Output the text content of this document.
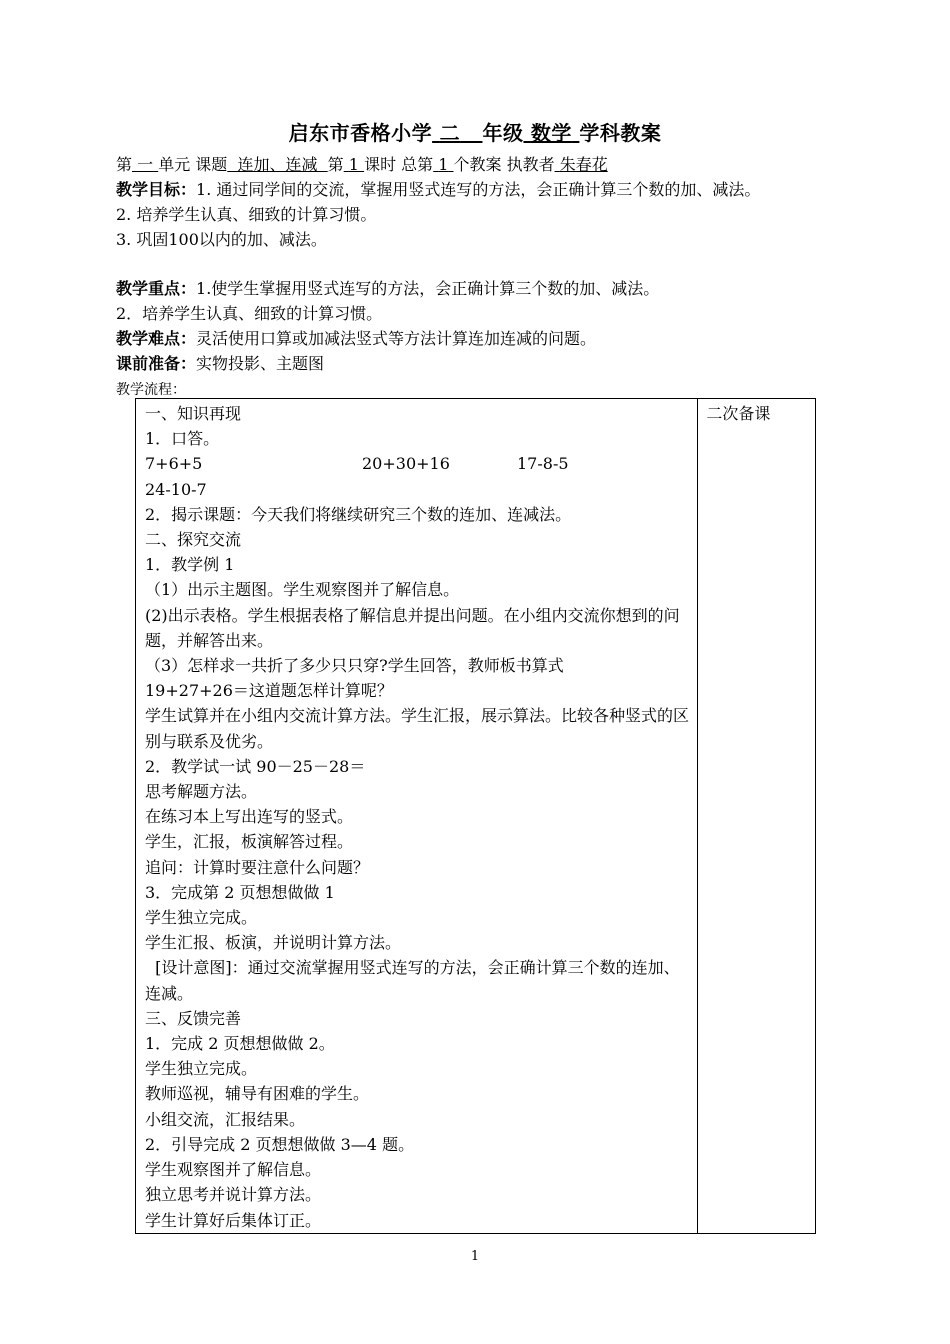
启东市香格小学 二 年级 数学 学科教案
第 一 单元 课题 连加、连减 第 1 课时 总第 1 个教案 执教者 朱春花
教学目标：1. 通过同学间的交流，掌握用竖式连写的方法，会正确计算三个数的加、减法。
2. 培养学生认真、细致的计算习惯。
3. 巩固100以内的加、减法。
教学重点：1.使学生掌握用竖式连写的方法，会正确计算三个数的加、减法。
2．培养学生认真、细致的计算习惯。
教学难点：灵活使用口算或加减法竖式等方法计算连加连减的问题。
课前准备：实物投影、主题图
教学流程：
一、知识再现
1．口答。
7+6+5	20+30+16	17-8-5
24-10-7
2．揭示课题：今天我们将继续研究三个数的连加、连减法。
二、探究交流
1．教学例 1
（1）出示主题图。学生观察图并了解信息。
(2)出示表格。学生根据表格了解信息并提出问题。在小组内交流你想到的问题，并解答出来。
（3）怎样求一共折了多少只只穿?学生回答，教师板书算式
19+27+26＝这道题怎样计算呢？
学生试算并在小组内交流计算方法。学生汇报，展示算法。比较各种竖式的区别与联系及优劣。
2．教学试一试 90－25－28＝
思考解题方法。
在练习本上写出连写的竖式。
学生，汇报，板演解答过程。
追问：计算时要注意什么问题？
3．完成第 2 页想想做做 1
学生独立完成。
学生汇报、板演，并说明计算方法。
[设计意图]：通过交流掌握用竖式连写的方法，会正确计算三个数的连加、连减。
三、反馈完善
1．完成 2 页想想做做 2。
学生独立完成。
教师巡视，辅导有困难的学生。
小组交流，汇报结果。
2．引导完成 2 页想想做做 3—4 题。
学生观察图并了解信息。
独立思考并说计算方法。
学生计算好后集体订正。

二次备课
1
